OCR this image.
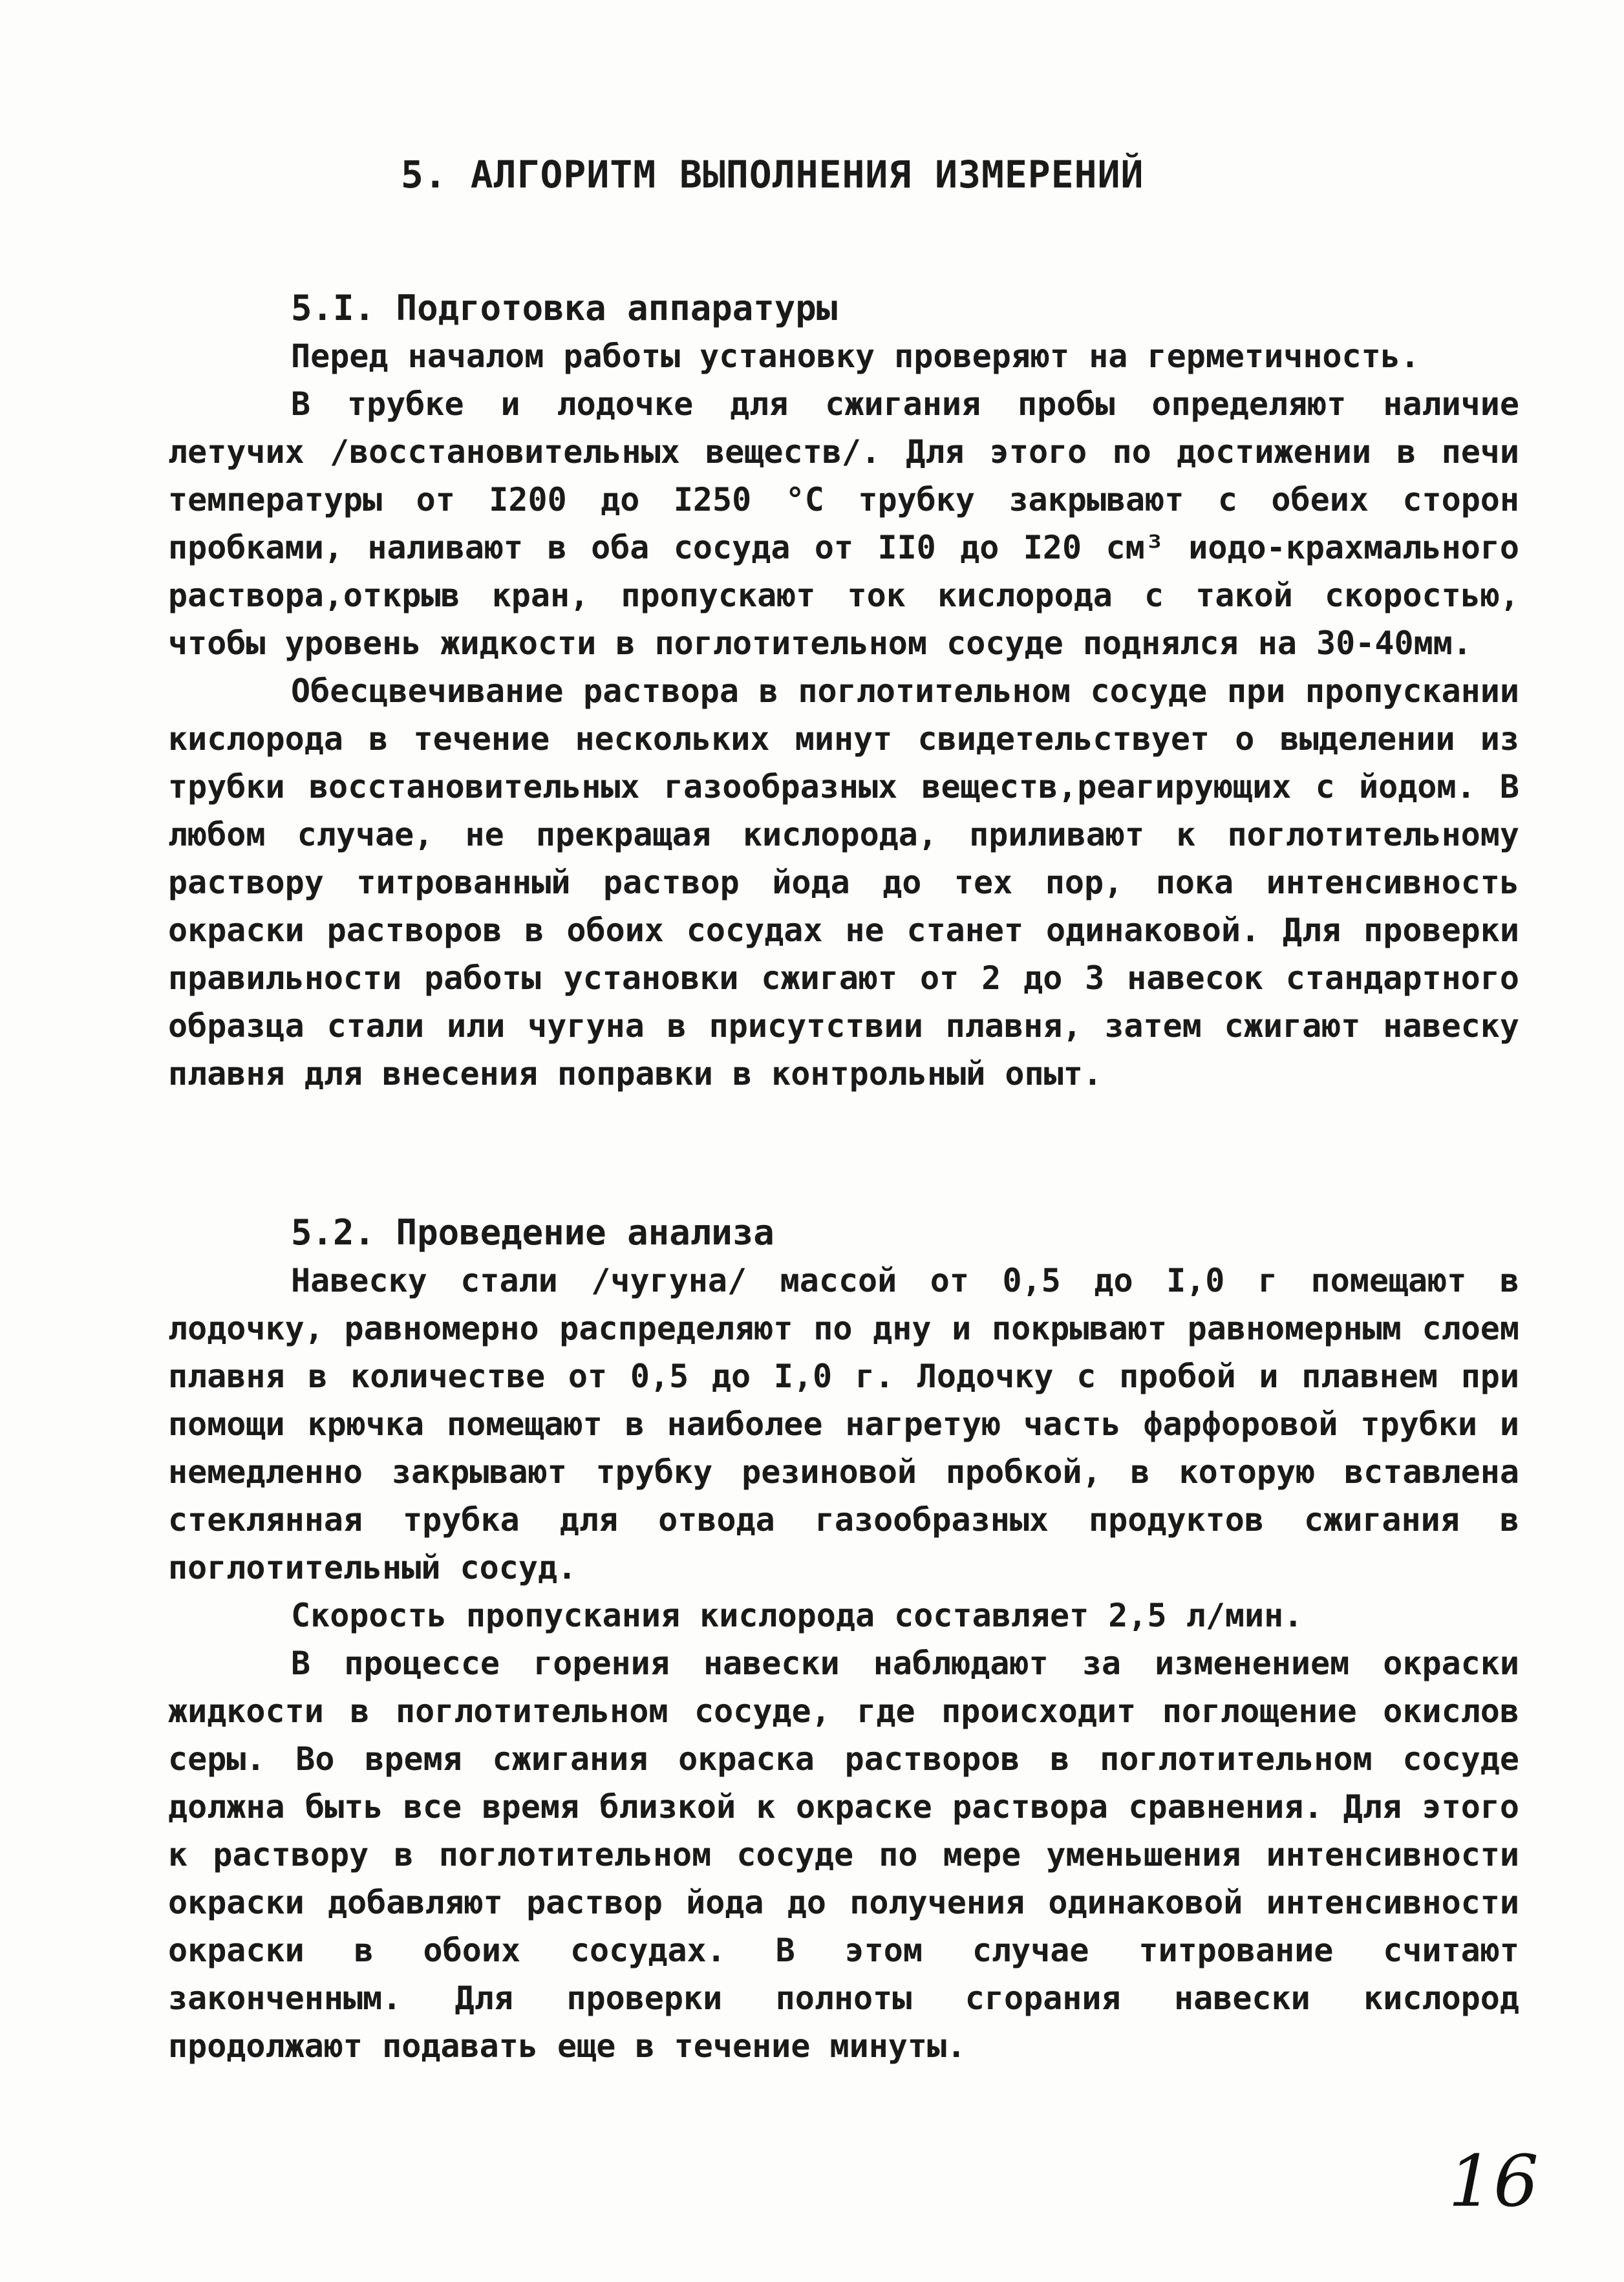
5. АЛГОРИТМ ВЫПОЛНЕНИЯ ИЗМЕРЕНИЙ
5.I. Подготовка аппаратуры

Перед началом работы установку проверяют на герметичность.

В трубке и лодочке для сжигания пробы определяют наличие летучих /восстановительных веществ/. Для этого по достижении в печи температуры от I200 до I250 °С трубку закрывают с обеих сторон пробками, наливают в оба сосуда от II0 до I20 см³ иодо-крахмального раствора,открыв кран, пропускают ток кислорода с такой скоростью, чтобы уровень жидкости в поглотительном сосуде поднялся на 30-40мм.

Обесцвечивание раствора в поглотительном сосуде при пропускании кислорода в течение нескольких минут свидетельствует о выделении из трубки восстановительных газообразных веществ,реагирующих с йодом. В любом случае, не прекращая кислорода, приливают к поглотительному раствору титрованный раствор йода до тех пор, пока интенсивность окраски растворов в обоих сосудах не станет одинаковой. Для проверки правильности работы установки сжигают от 2 до 3 навесок стандартного образца стали или чугуна в присутствии плавня, затем сжигают навеску плавня для внесения поправки в контрольный опыт.

5.2. Проведение анализа

Навеску стали /чугуна/ массой от 0,5 до I,0 г помещают в лодочку, равномерно распределяют по дну и покрывают равномерным слоем плавня в количестве от 0,5 до I,0 г. Лодочку с пробой и плавнем при помощи крючка помещают в наиболее нагретую часть фарфоровой трубки и немедленно закрывают трубку резиновой пробкой, в которую вставлена стеклянная трубка для отвода газообразных продуктов сжигания в поглотительный сосуд.

Скорость пропускания кислорода составляет 2,5 л/мин.

В процессе горения навески наблюдают за изменением окраски жидкости в поглотительном сосуде, где происходит поглощение окислов серы. Во время сжигания окраска растворов в поглотительном сосуде должна быть все время близкой к окраске раствора сравнения. Для этого к раствору в поглотительном сосуде по мере уменьшения интенсивности окраски добавляют раствор йода до получения одинаковой интенсивности окраски в обоих сосудах. В этом случае титрование считают законченным. Для проверки полноты сгорания навески кислород продолжают подавать еще в течение минуты.

16
